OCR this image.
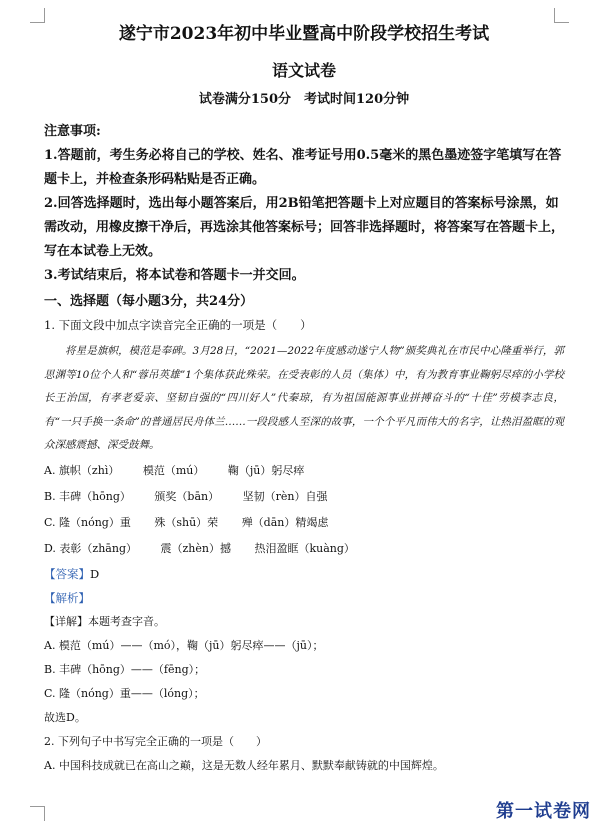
遂宁市2023年初中毕业暨高中阶段学校招生考试
语文试卷
试卷满分150分　考试时间120分钟

注意事项:

1.答题前，考生务必将自己的学校、姓名、准考证号用0.5毫米的黑色墨迹签字笔填写在答题卡上，并检查条形码粘贴是否正确。

2.回答选择题时，选出每小题答案后，用2B铅笔把答题卡上对应题目的答案标号涂黑，如需改动，用橡皮擦干净后，再选涂其他答案标号；回答非选择题时，将答案写在答题卡上，写在本试卷上无效。

3.考试结束后，将本试卷和答题卡一并交回。

一、选择题（每小题3分，共24分）

1. 下面文段中加点字读音完全正确的一项是（　　）

将星是旗帜，模范是奉碑。3月28日，“2021—2022年度感动遂宁人物”颁奖典礼在市民中心隆重举行，郭思渊等10位个人和“蓉吊英雄”1个集体获此殊荣。在受表彰的人员（集体）中，有为教育事业鞠躬尽瘁的小学校长王治国，有孝老爱亲、坚韧自强的“四川好人”代秦琼，有为祖国能源事业拼搏奋斗的“十佳”劳模李志良，有“一只手换一条命”的普通居民舟体兰……一段段感人至深的故事，一个个平凡而伟大的名字，让热泪盈眶的观众深感震撼、深受鼓舞。

A. 旗帜（zhì） 模范（mú） 鞠（jū）躬尽瘁

B. 丰碑（hōng） 颁奖（bān） 坚韧（rèn）自强

C. 隆（nóng）重 殊（shū）荣 殚（dān）精竭虑

D. 表彰（zhāng） 震（zhèn）撼 热泪盈眶（kuàng）

【答案】D

【解析】

【详解】本题考查字音。

A. 模范（mú）——（mó），鞠（jū）躬尽瘁——（jū）；

B. 丰碑（hōng）——（fēng）；

C. 隆（nóng）重——（lóng）；

故选D。

2. 下列句子中书写完全正确的一项是（　　）

A. 中国科技成就已在高山之巅，这是无数人经年累月、默默奉献铸就的中国辉煌。

第一试卷网
